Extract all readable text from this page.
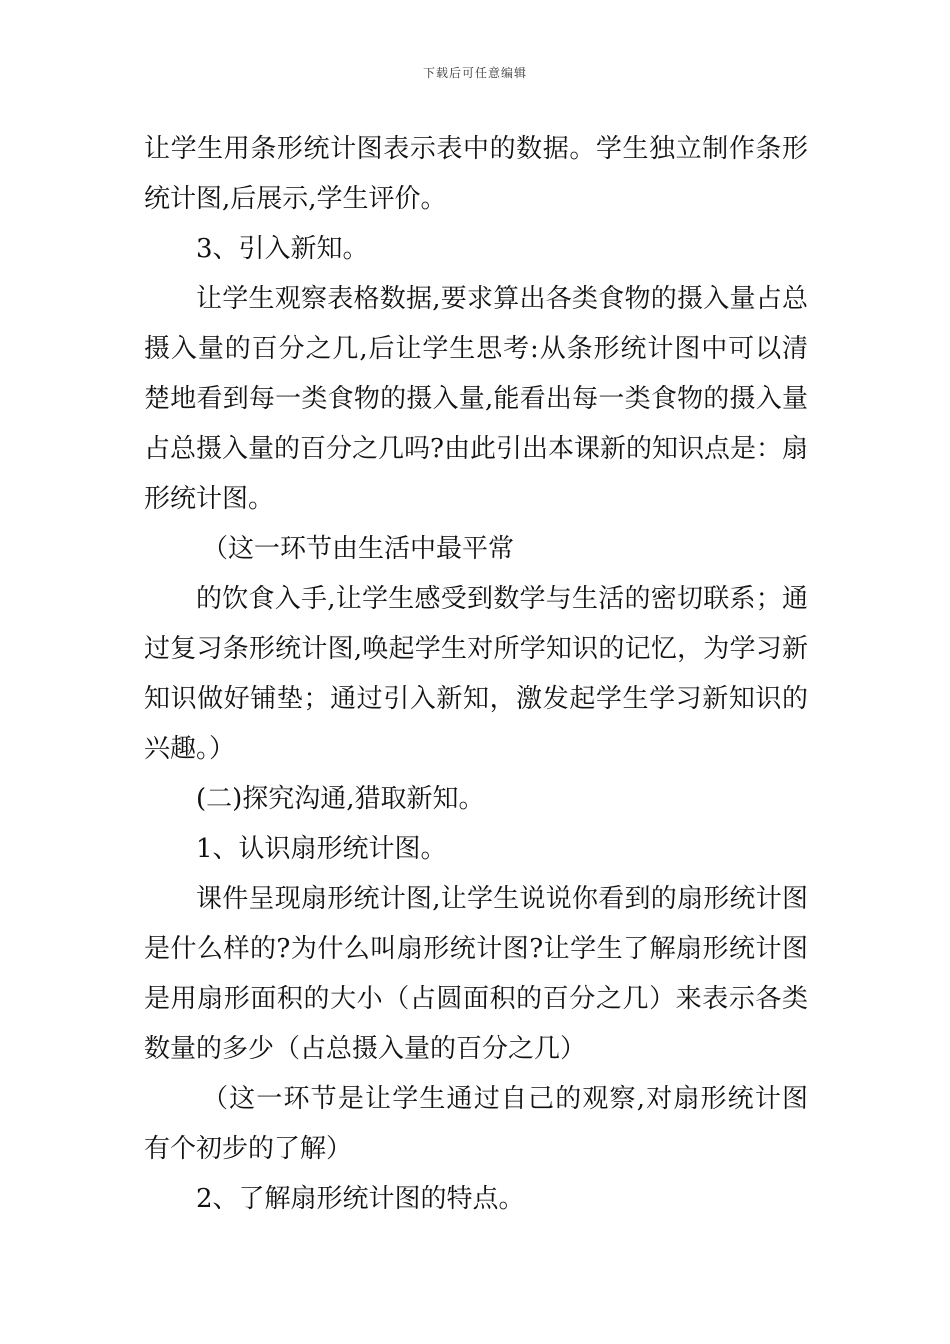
下载后可任意编辑

让学生用条形统计图表示表中的数据。学生独立制作条形统计图,后展示,学生评价。

3、引入新知。

让学生观察表格数据,要求算出各类食物的摄入量占总摄入量的百分之几,后让学生思考:从条形统计图中可以清楚地看到每一类食物的摄入量,能看出每一类食物的摄入量占总摄入量的百分之几吗?由此引出本课新的知识点是：扇形统计图。

（这一环节由生活中最平常

的饮食入手,让学生感受到数学与生活的密切联系；通过复习条形统计图,唤起学生对所学知识的记忆，为学习新知识做好铺垫；通过引入新知，激发起学生学习新知识的兴趣。）

(二)探究沟通,猎取新知。

1、认识扇形统计图。

课件呈现扇形统计图,让学生说说你看到的扇形统计图是什么样的?为什么叫扇形统计图?让学生了解扇形统计图是用扇形面积的大小（占圆面积的百分之几）来表示各类数量的多少（占总摄入量的百分之几）

（这一环节是让学生通过自己的观察,对扇形统计图有个初步的了解）

2、了解扇形统计图的特点。
